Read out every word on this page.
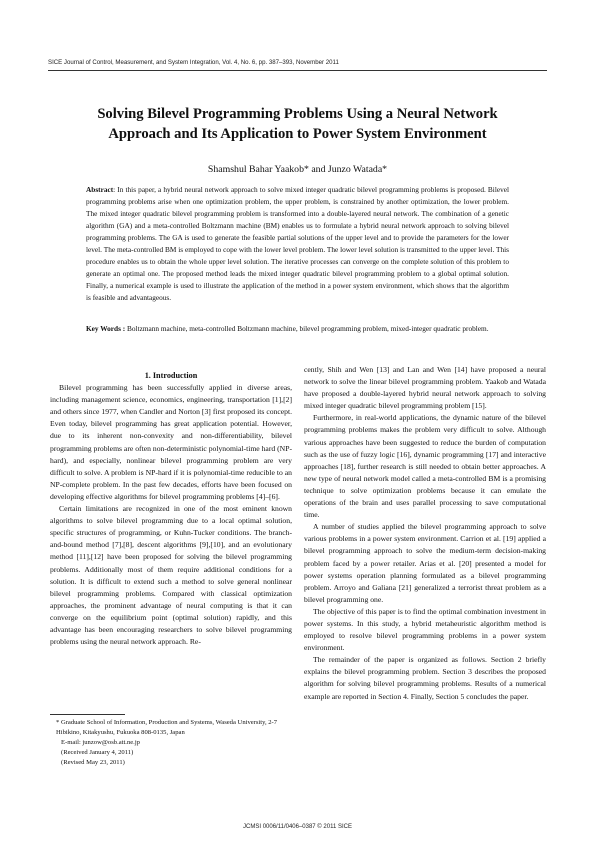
SICE Journal of Control, Measurement, and System Integration, Vol. 4, No. 6, pp. 387–393, November 2011
Solving Bilevel Programming Problems Using a Neural Network
Approach and Its Application to Power System Environment
Shamshul Bahar Yaakob* and Junzo Watada*
Abstract: In this paper, a hybrid neural network approach to solve mixed integer quadratic bilevel programming problems is proposed. Bilevel programming problems arise when one optimization problem, the upper problem, is constrained by another optimization, the lower problem. The mixed integer quadratic bilevel programming problem is transformed into a double-layered neural network. The combination of a genetic algorithm (GA) and a meta-controlled Boltzmann machine (BM) enables us to formulate a hybrid neural network approach to solving bilevel programming problems. The GA is used to generate the feasible partial solutions of the upper level and to provide the parameters for the lower level. The meta-controlled BM is employed to cope with the lower level problem. The lower level solution is transmitted to the upper level. This procedure enables us to obtain the whole upper level solution. The iterative processes can converge on the complete solution of this problem to generate an optimal one. The proposed method leads the mixed integer quadratic bilevel programming problem to a global optimal solution. Finally, a numerical example is used to illustrate the application of the method in a power system environment, which shows that the algorithm is feasible and advantageous.
Key Words : Boltzmann machine, meta-controlled Boltzmann machine, bilevel programming problem, mixed-integer quadratic problem.

1. Introduction

Bilevel programming has been successfully applied in diverse areas, including management science, economics, engineering, transportation [1],[2] and others since 1977, when Candler and Norton [3] first proposed its concept. Even today, bilevel programming has great application potential. However, due to its inherent non-convexity and non-differentiability, bilevel programming problems are often non-deterministic polynomial-time hard (NP-hard), and especially, nonlinear bilevel programming problem are very difficult to solve. A problem is NP-hard if it is polynomial-time reducible to an NP-complete problem. In the past few decades, efforts have been focused on developing effective algorithms for bilevel programming problems [4]–[6].

Certain limitations are recognized in one of the most eminent known algorithms to solve bilevel programming due to a local optimal solution, specific structures of programming, or Kuhn-Tucker conditions. The branch-and-bound method [7],[8], descent algorithms [9],[10], and an evolutionary method [11],[12] have been proposed for solving the bilevel programming problems. Additionally most of them require additional conditions for a solution. It is difficult to extend such a method to solve general nonlinear bilevel programming problems. Compared with classical optimization approaches, the prominent advantage of neural computing is that it can converge on the equilibrium point (optimal solution) rapidly, and this advantage has been encouraging researchers to solve bilevel programming problems using the neural network approach. Re-

cently, Shih and Wen [13] and Lan and Wen [14] have proposed a neural network to solve the linear bilevel programming problem. Yaakob and Watada have proposed a double-layered hybrid neural network approach to solving mixed integer quadratic bilevel programming problem [15].

Furthermore, in real-world applications, the dynamic nature of the bilevel programming problems makes the problem very difficult to solve. Although various approaches have been suggested to reduce the burden of computation such as the use of fuzzy logic [16], dynamic programming [17] and interactive approaches [18], further research is still needed to obtain better approaches. A new type of neural network model called a meta-controlled BM is a promising technique to solve optimization problems because it can emulate the operations of the brain and uses parallel processing to save computational time.

A number of studies applied the bilevel programming approach to solve various problems in a power system environment. Carrion et al. [19] applied a bilevel programming approach to solve the medium-term decision-making problem faced by a power retailer. Arias et al. [20] presented a model for power systems operation planning formulated as a bilevel programming problem. Arroyo and Galiana [21] generalized a terrorist threat problem as a bilevel programming one.

The objective of this paper is to find the optimal combination investment in power systems. In this study, a hybrid metaheuristic algorithm method is employed to resolve bilevel programming problems in a power system environment.

The remainder of the paper is organized as follows. Section 2 briefly explains the bilevel programming problem. Section 3 describes the proposed algorithm for solving bilevel programming problems. Results of a numerical example are reported in Section 4. Finally, Section 5 concludes the paper.

* Graduate School of Information, Production and Systems, Waseda University, 2-7 Hibikino, Kitakyushu, Fukuoka 808-0135, Japan
E-mail: junzow@osb.att.ne.jp
(Received January 4, 2011)
(Revised May 23, 2011)
JCMSI 0006/11/0406–0387 © 2011 SICE
